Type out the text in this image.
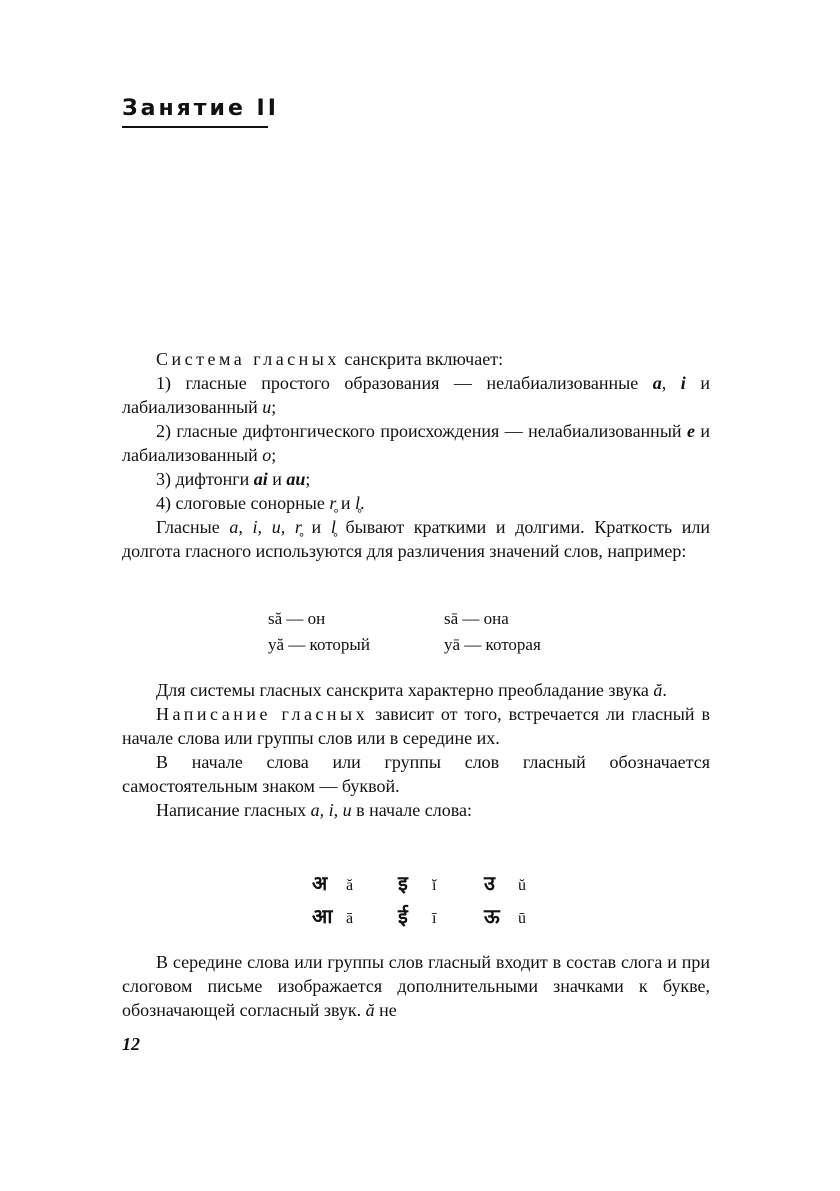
Занятие II

Система гласных санскрита включает:

1) гласные простого образования — нелабиализованные a, i и лабиализованный u;

2) гласные дифтонгического происхождения — нелабиализованный e и лабиализованный o;

3) дифтонги ai и au;

4) слоговые сонорные r̥ и l̥.

Гласные a, i, u, r̥ и l̥ бывают краткими и долгими. Краткость или долгота гласного используются для различения значений слов, например:

să — он	sā — она
yă — который	yā — которая

Для системы гласных санскрита характерно преобладание звука ă.

Написание гласных зависит от того, встречается ли гласный в начале слова или группы слов или в середине их.

В начале слова или группы слов гласный обозначается самостоятельным знаком — буквой.

Написание гласных a, i, u в начале слова:

अ	ă	इ	ĭ	उ	ŭ
आ ā	ई	ī	ऊ	ū

В середине слова или группы слов гласный входит в состав слога и при слоговом письме изображается дополнительными значками к букве, обозначающей согласный звук. ă не

12
